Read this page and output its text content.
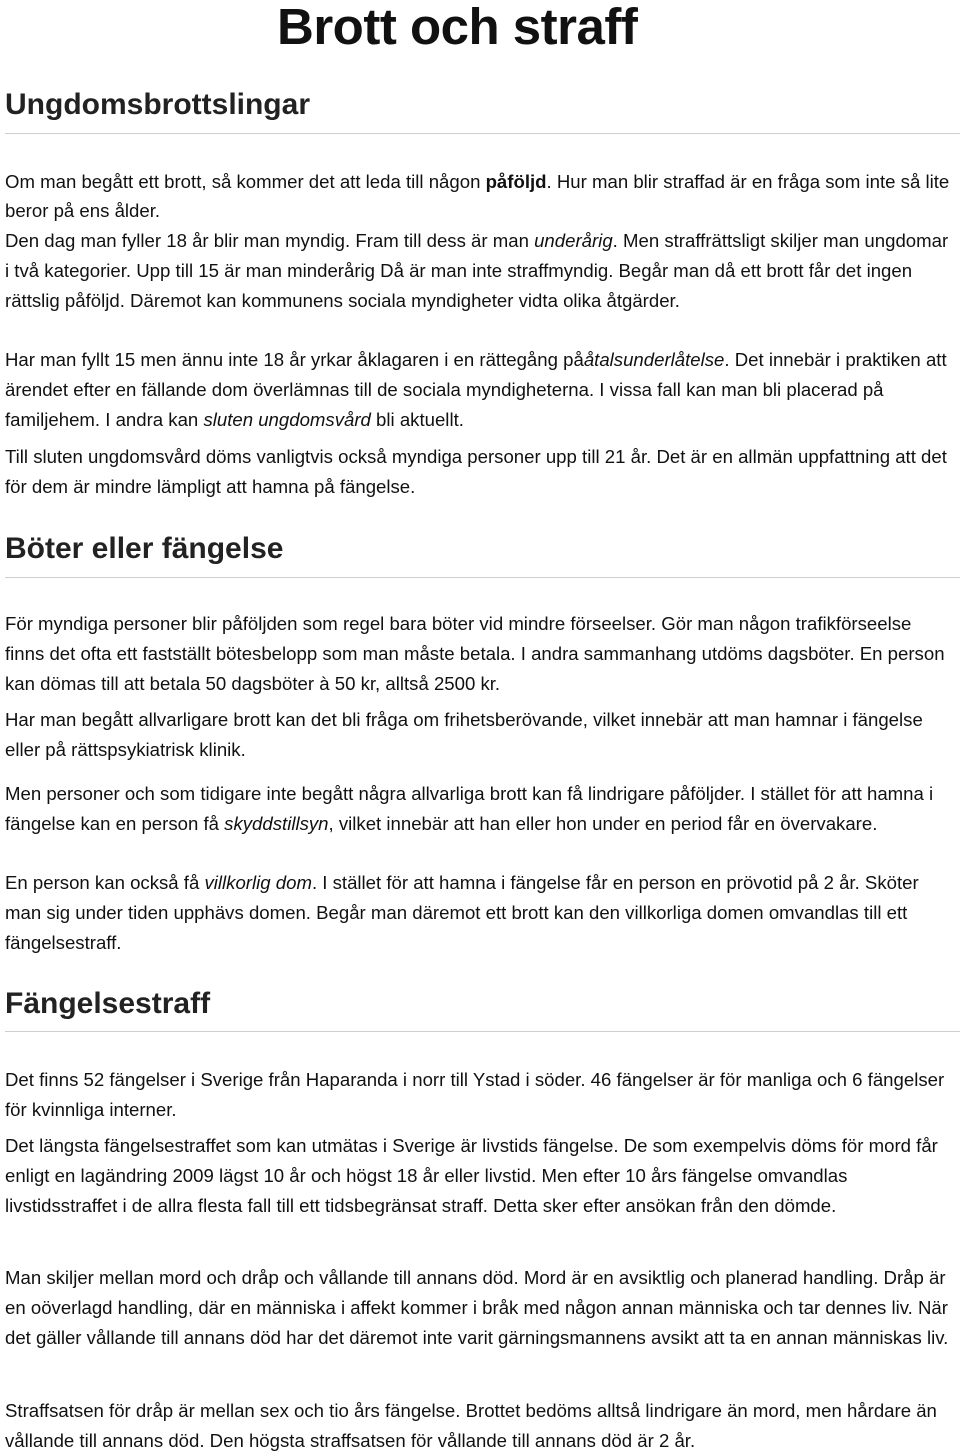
Brott och straff
Ungdomsbrottslingar

Om man begått ett brott, så kommer det att leda till någon påföljd. Hur man blir straffad är en fråga som inte så lite beror på ens ålder.

Den dag man fyller 18 år blir man myndig. Fram till dess är man underårig. Men straffrättsligt skiljer man ungdomar i två kategorier. Upp till 15 är man minderårig Då är man inte straffmyndig. Begår man då ett brott får det ingen rättslig påföljd. Däremot kan kommunens sociala myndigheter vidta olika åtgärder.

Har man fyllt 15 men ännu inte 18 år yrkar åklagaren i en rättegång pååtalsunderlåtelse. Det innebär i praktiken att ärendet efter en fällande dom överlämnas till de sociala myndigheterna. I vissa fall kan man bli placerad på familjehem. I andra kan sluten ungdomsvård bli aktuellt.

Till sluten ungdomsvård döms vanligtvis också myndiga personer upp till 21 år. Det är en allmän uppfattning att det för dem är mindre lämpligt att hamna på fängelse.

Böter eller fängelse

För myndiga personer blir påföljden som regel bara böter vid mindre förseelser. Gör man någon trafikförseelse finns det ofta ett fastställt bötesbelopp som man måste betala. I andra sammanhang utdöms dagsböter. En person kan dömas till att betala 50 dagsböter à 50 kr, alltså 2500 kr.

Har man begått allvarligare brott kan det bli fråga om frihetsberövande, vilket innebär att man hamnar i fängelse eller på rättspsykiatrisk klinik.

Men personer och som tidigare inte begått några allvarliga brott kan få lindrigare påföljder. I stället för att hamna i fängelse kan en person få skyddstillsyn, vilket innebär att han eller hon under en period får en övervakare.

En person kan också få villkorlig dom. I stället för att hamna i fängelse får en person en prövotid på 2 år. Sköter man sig under tiden upphävs domen. Begår man däremot ett brott kan den villkorliga domen omvandlas till ett fängelsestraff.

Fängelsestraff

Det finns 52 fängelser i Sverige från Haparanda i norr till Ystad i söder. 46 fängelser är för manliga och 6 fängelser för kvinnliga interner.

Det längsta fängelsestraffet som kan utmätas i Sverige är livstids fängelse. De som exempelvis döms för mord får enligt en lagändring 2009 lägst 10 år och högst 18 år eller livstid. Men efter 10 års fängelse omvandlas livstidsstraffet i de allra flesta fall till ett tidsbegränsat straff. Detta sker efter ansökan från den dömde.

Man skiljer mellan mord och dråp och vållande till annans död. Mord är en avsiktlig och planerad handling. Dråp är en oöverlagd handling, där en människa i affekt kommer i bråk med någon annan människa och tar dennes liv. När det gäller vållande till annans död har det däremot inte varit gärningsmannens avsikt att ta en annan människas liv.

Straffsatsen för dråp är mellan sex och tio års fängelse. Brottet bedöms alltså lindrigare än mord, men hårdare än vållande till annans död. Den högsta straffsatsen för vållande till annans död är 2 år.
